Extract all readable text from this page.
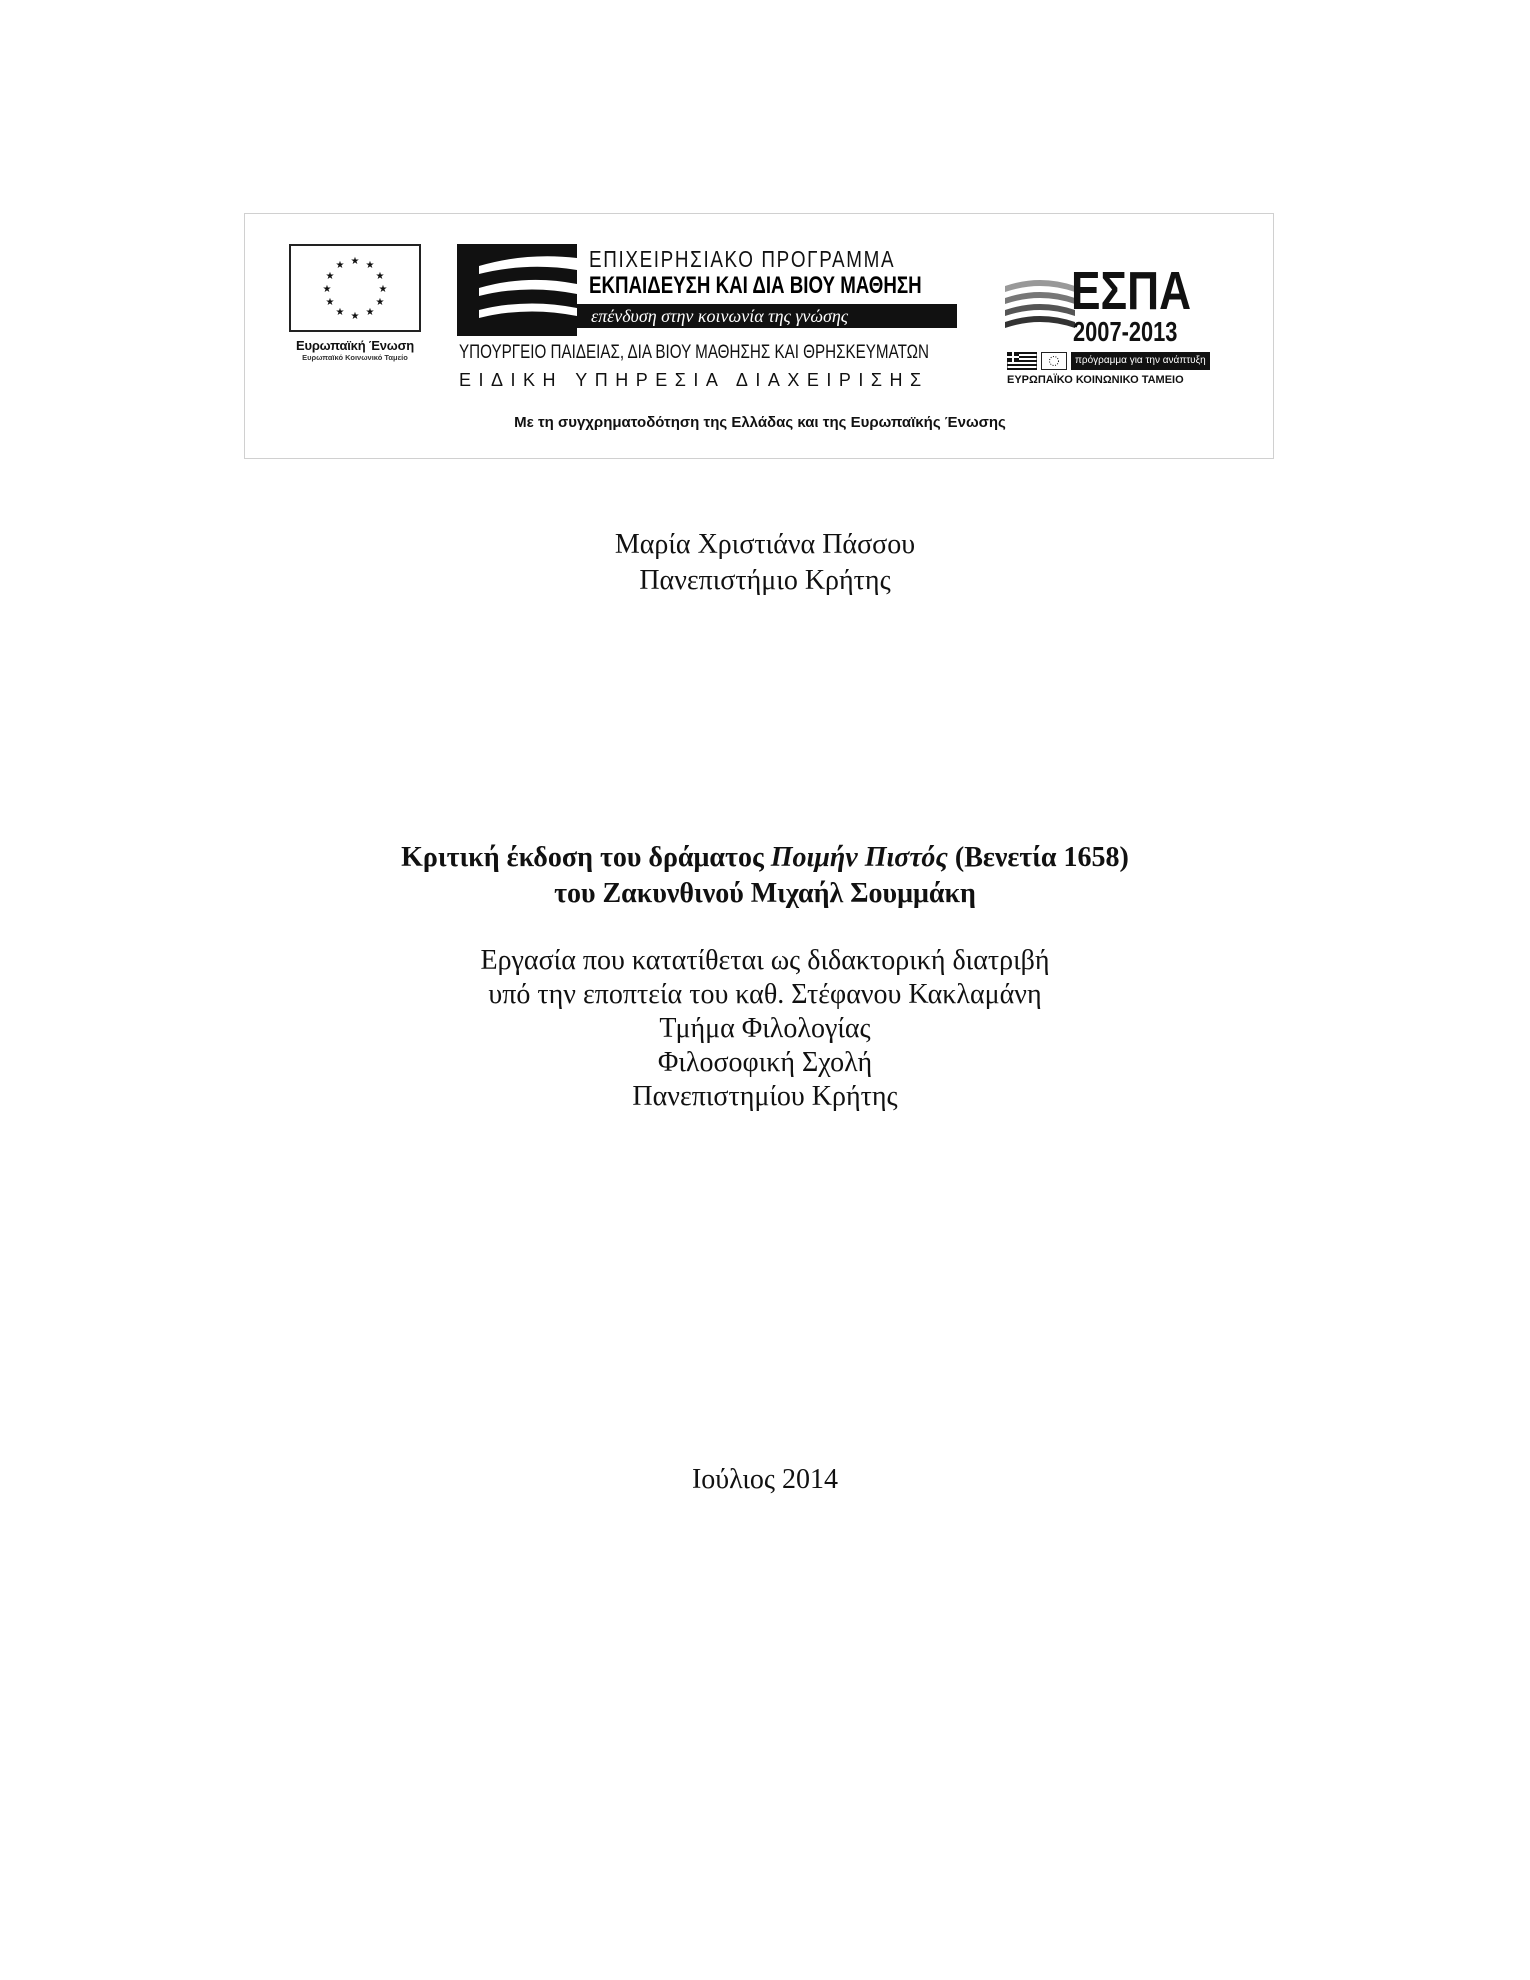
★ ★
★
★
★
★
★
★
★
★
★
★
Ευρωπαϊκή Ένωση
Ευρωπαϊκό Κοινωνικό Ταμείο
ΕΠΙΧΕΙΡΗΣΙΑΚΟ ΠΡΟΓΡΑΜΜΑ
ΕΚΠΑΙΔΕΥΣΗ ΚΑΙ ΔΙΑ ΒΙΟΥ ΜΑΘΗΣΗ
επένδυση στην κοινωνία της γνώσης
ΥΠΟΥΡΓΕΙΟ ΠΑΙΔΕΙΑΣ, ΔΙΑ ΒΙΟΥ ΜΑΘΗΣΗΣ ΚΑΙ ΘΡΗΣΚΕΥΜΑΤΩΝ
ΕΙΔΙΚΗ ΥΠΗΡΕΣΙΑ ΔΙΑΧΕΙΡΙΣΗΣ
ΕΣΠΑ
2007-2013
πρόγραμμα για την ανάπτυξη
ΕΥΡΩΠΑΪΚΟ ΚΟΙΝΩΝΙΚΟ ΤΑΜΕΙΟ
Με τη συγχρηματοδότηση της Ελλάδας και της Ευρωπαϊκής Ένωσης
Μαρία Χριστιάνα Πάσσου
Πανεπιστήμιο Κρήτης
Κριτική έκδοση του δράματος Ποιμήν Πιστός (Βενετία 1658)
του Ζακυνθινού Μιχαήλ Σουμμάκη
Εργασία που κατατίθεται ως διδακτορική διατριβή
υπό την εποπτεία του καθ. Στέφανου Κακλαμάνη
Τμήμα Φιλολογίας
Φιλοσοφική Σχολή
Πανεπιστημίου Κρήτης
Ιούλιος 2014
